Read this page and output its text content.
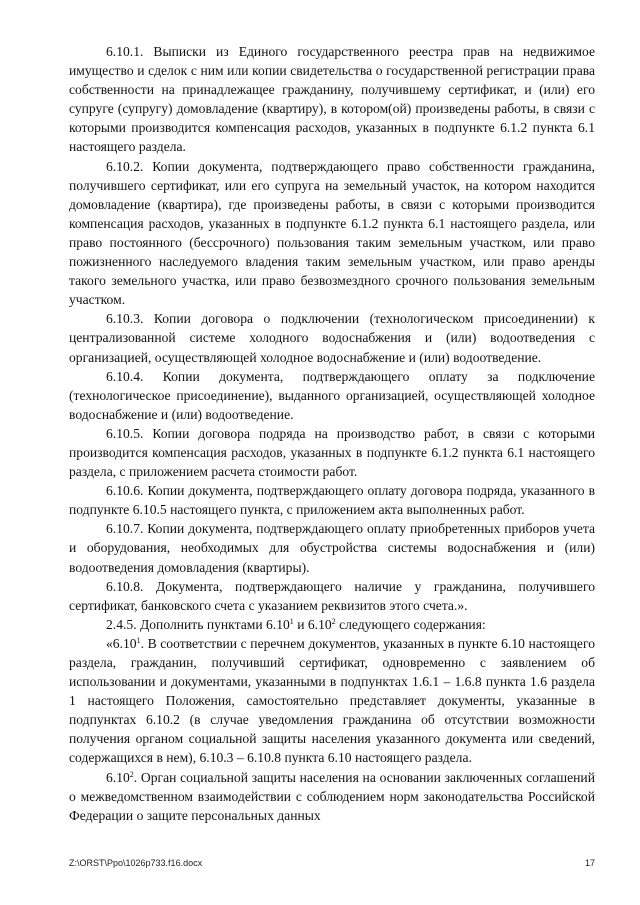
6.10.1. Выписки из Единого государственного реестра прав на недвижимое имущество и сделок с ним или копии свидетельства о государственной регистрации права собственности на принадлежащее гражданину, получившему сертификат, и (или) его супруге (супругу) домовладение (квартиру), в котором(ой) произведены работы, в связи с которыми производится компенсация расходов, указанных в подпункте 6.1.2 пункта 6.1 настоящего раздела.

6.10.2. Копии документа, подтверждающего право собственности гражданина, получившего сертификат, или его супруга на земельный участок, на котором находится домовладение (квартира), где произведены работы, в связи с которыми производится компенсация расходов, указанных в подпункте 6.1.2 пункта 6.1 настоящего раздела, или право постоянного (бессрочного) пользования таким земельным участком, или право пожизненного наследуемого владения таким земельным участком, или право аренды такого земельного участка, или право безвозмездного срочного пользования земельным участком.

6.10.3. Копии договора о подключении (технологическом присоединении) к централизованной системе холодного водоснабжения и (или) водоотведения с организацией, осуществляющей холодное водоснабжение и (или) водоотведение.

6.10.4. Копии документа, подтверждающего оплату за подключение (технологическое присоединение), выданного организацией, осуществляющей холодное водоснабжение и (или) водоотведение.

6.10.5. Копии договора подряда на производство работ, в связи с которыми производится компенсация расходов, указанных в подпункте 6.1.2 пункта 6.1 настоящего раздела, с приложением расчета стоимости работ.

6.10.6. Копии документа, подтверждающего оплату договора подряда, указанного в подпункте 6.10.5 настоящего пункта, с приложением акта выполненных работ.

6.10.7. Копии документа, подтверждающего оплату приобретенных приборов учета и оборудования, необходимых для обустройства системы водоснабжения и (или) водоотведения домовладения (квартиры).

6.10.8. Документа, подтверждающего наличие у гражданина, получившего сертификат, банковского счета с указанием реквизитов этого счета.».

2.4.5. Дополнить пунктами 6.10$^1$ и 6.10$^2$ следующего содержания:

«6.10$^1$. В соответствии с перечнем документов, указанных в пункте 6.10 настоящего раздела, гражданин, получивший сертификат, одновременно с заявлением об использовании и документами, указанными в подпунктах 1.6.1 – 1.6.8 пункта 1.6 раздела 1 настоящего Положения, самостоятельно представляет документы, указанные в подпунктах 6.10.2 (в случае уведомления гражданина об отсутствии возможности получения органом социальной защиты населения указанного документа или сведений, содержащихся в нем), 6.10.3 – 6.10.8 пункта 6.10 настоящего раздела.

6.10$^2$. Орган социальной защиты населения на основании заключенных соглашений о межведомственном взаимодействии с соблюдением норм законодательства Российской Федерации о защите персональных данных

Z:\ORST\Ppo\1026p733.f16.docx	17
